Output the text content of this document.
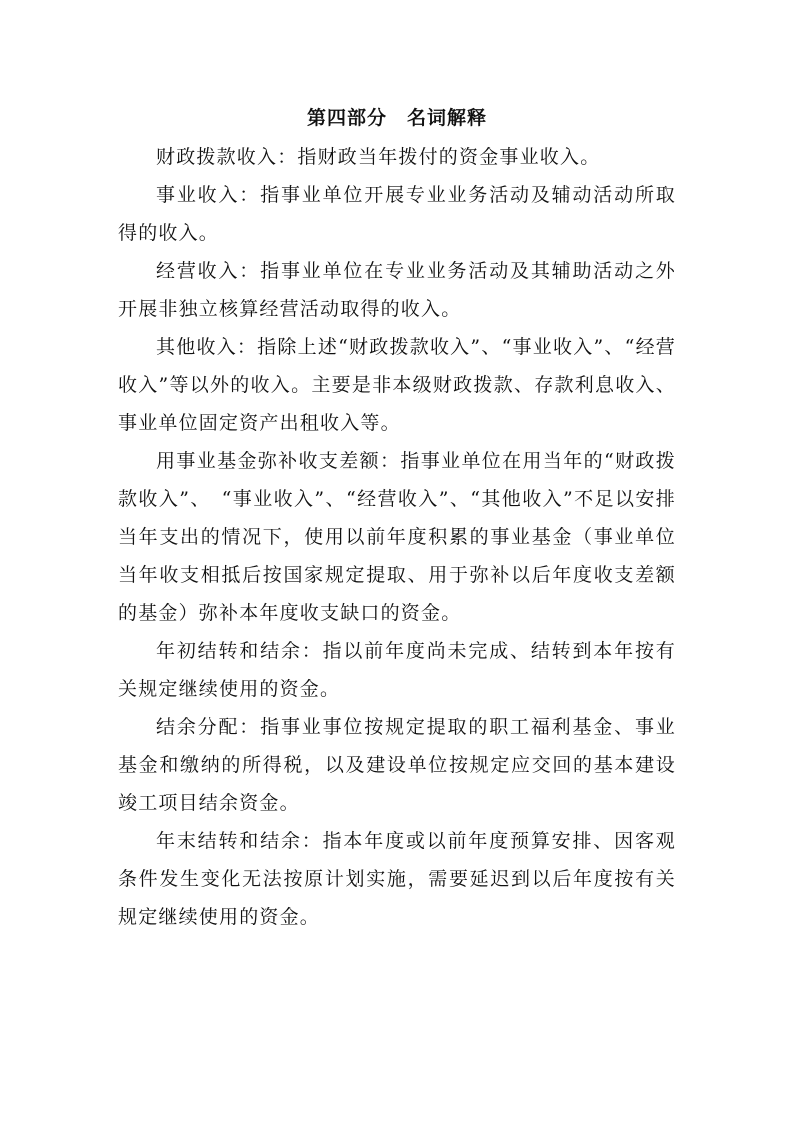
第四部分　名词解释

财政拨款收入：指财政当年拨付的资金事业收入。

事业收入：指事业单位开展专业业务活动及辅动活动所取得的收入。

经营收入：指事业单位在专业业务活动及其辅助活动之外开展非独立核算经营活动取得的收入。

其他收入：指除上述“财政拨款收入”、“事业收入”、“经营收入”等以外的收入。主要是非本级财政拨款、存款利息收入、事业单位固定资产出租收入等。

用事业基金弥补收支差额：指事业单位在用当年的“财政拨款收入”、　“事业收入”、“经营收入”、“其他收入”不足以安排当年支出的情况下，使用以前年度积累的事业基金（事业单位当年收支相抵后按国家规定提取、用于弥补以后年度收支差额的基金）弥补本年度收支缺口的资金。

年初结转和结余：指以前年度尚未完成、结转到本年按有关规定继续使用的资金。

结余分配：指事业事位按规定提取的职工福利基金、事业基金和缴纳的所得税，以及建设单位按规定应交回的基本建设竣工项目结余资金。

年末结转和结余：指本年度或以前年度预算安排、因客观条件发生变化无法按原计划实施，需要延迟到以后年度按有关规定继续使用的资金。
